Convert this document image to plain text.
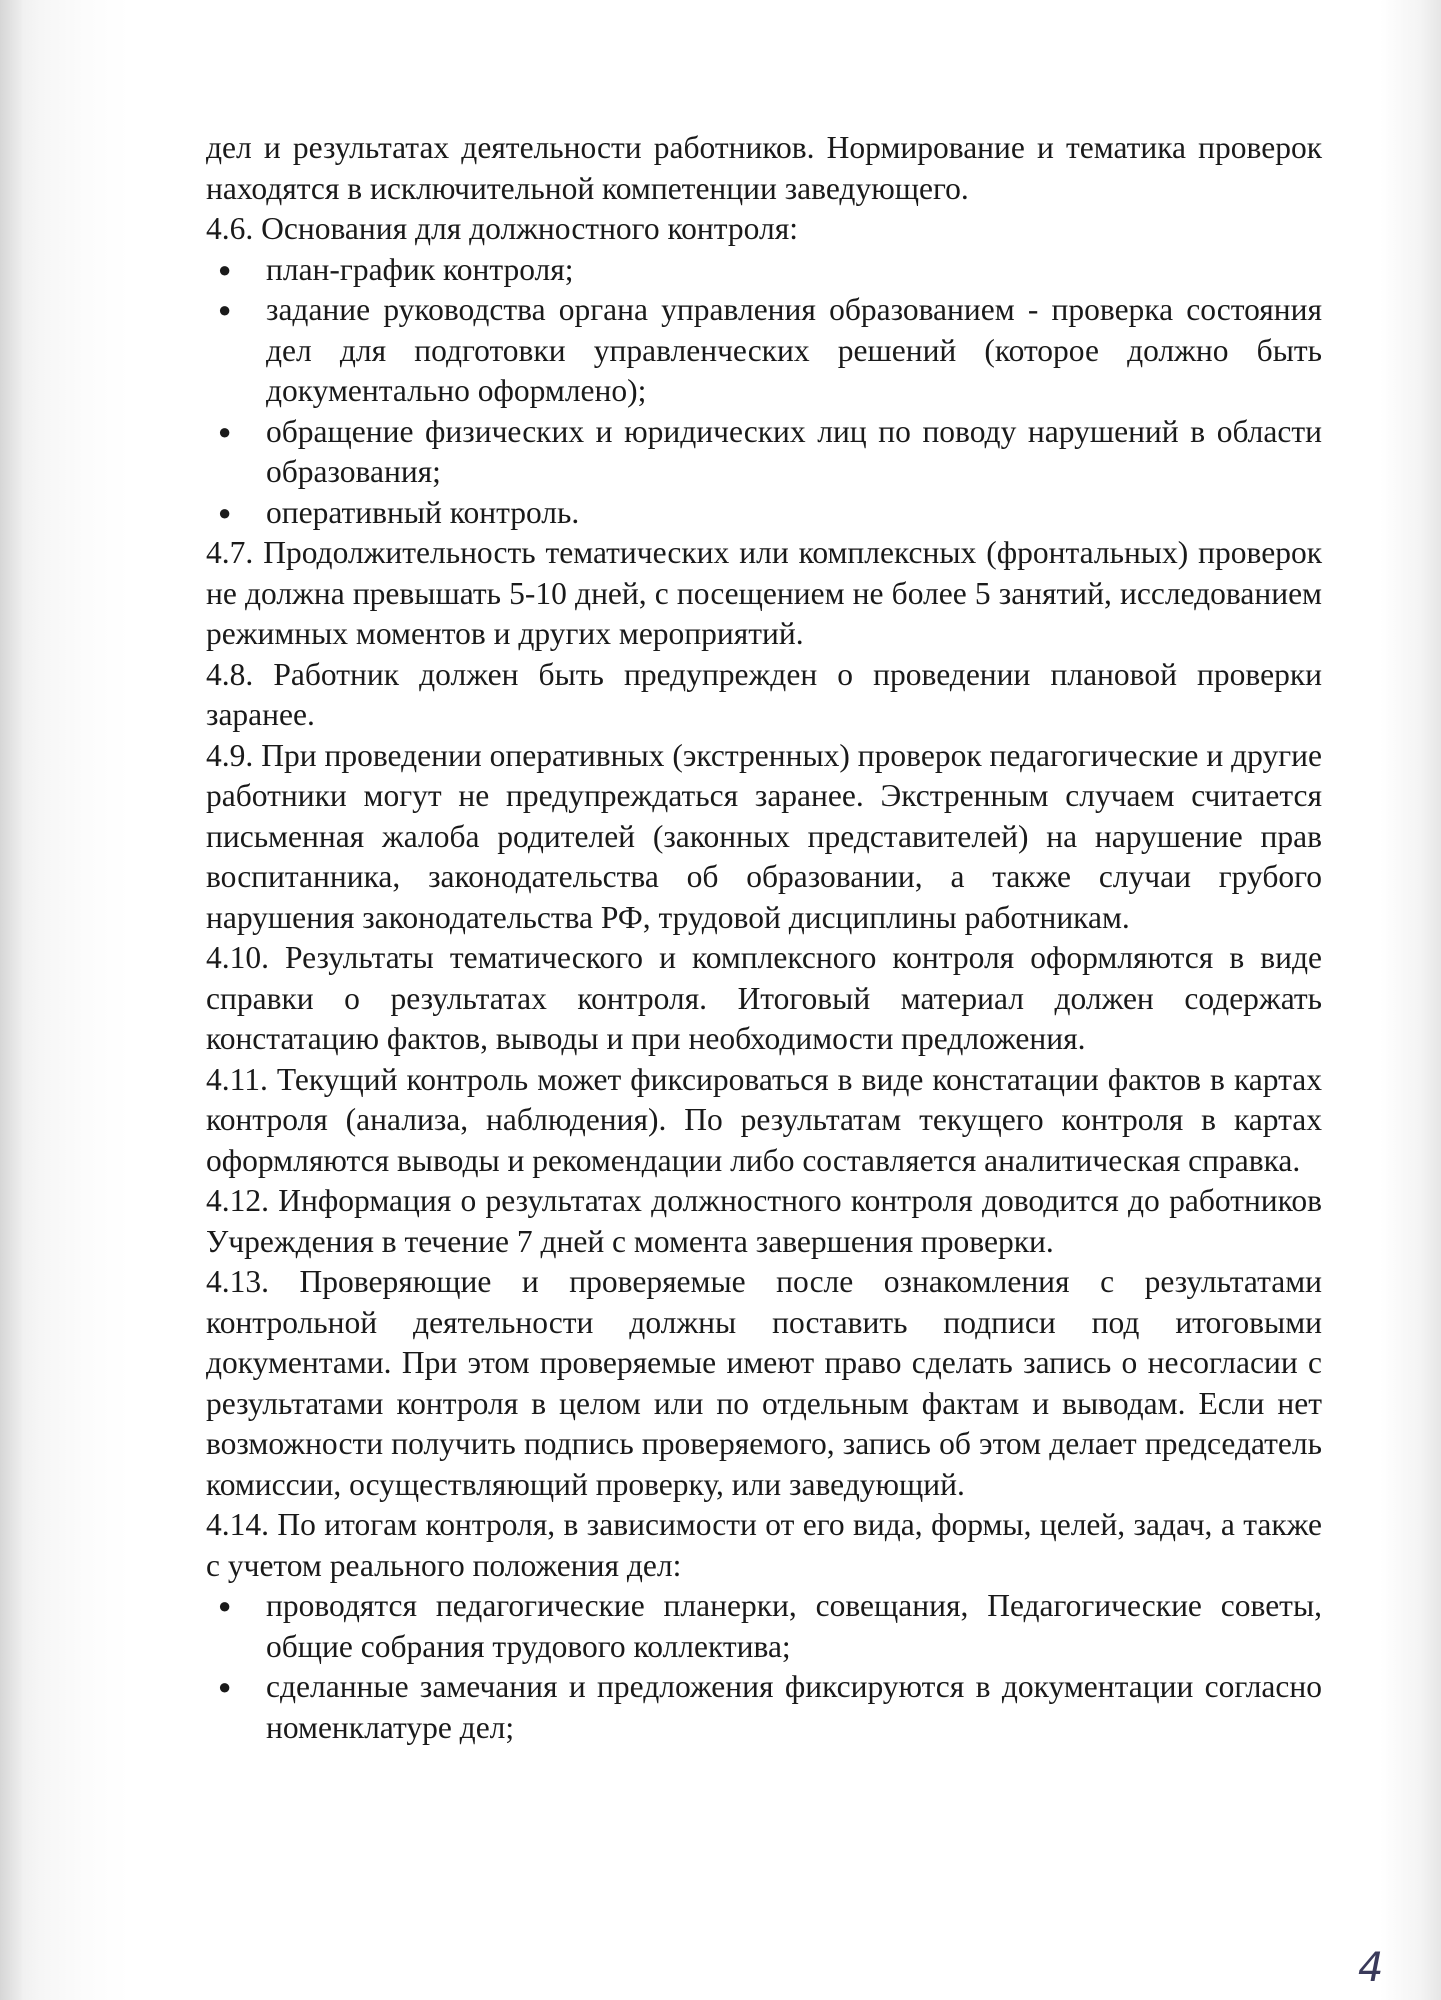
дел и результатах деятельности работников. Нормирование и тематика проверок находятся в исключительной компетенции заведующего.

4.6. Основания для должностного контроля:

● план-график контроля;
● задание руководства органа управления образованием - проверка состояния дел для подготовки управленческих решений (которое должно быть документально оформлено);
● обращение физических и юридических лиц по поводу нарушений в области образования;
● оперативный контроль.

4.7. Продолжительность тематических или комплексных (фронтальных) проверок не должна превышать 5-10 дней, с посещением не более 5 занятий, исследованием режимных моментов и других мероприятий.

4.8. Работник должен быть предупрежден о проведении плановой проверки заранее.

4.9. При проведении оперативных (экстренных) проверок педагогические и другие работники могут не предупреждаться заранее. Экстренным случаем считается письменная жалоба родителей (законных представителей) на нарушение прав воспитанника, законодательства об образовании, а также случаи грубого нарушения законодательства РФ, трудовой дисциплины работникам.

4.10. Результаты тематического и комплексного контроля оформляются в виде справки о результатах контроля. Итоговый материал должен содержать констатацию фактов, выводы и при необходимости предложения.

4.11. Текущий контроль может фиксироваться в виде констатации фактов в картах контроля (анализа, наблюдения). По результатам текущего контроля в картах оформляются выводы и рекомендации либо составляется аналитическая справка.

4.12. Информация о результатах должностного контроля доводится до работников Учреждения в течение 7 дней с момента завершения проверки.

4.13. Проверяющие и проверяемые после ознакомления с результатами контрольной деятельности должны поставить подписи под итоговыми документами. При этом проверяемые имеют право сделать запись о несогласии с результатами контроля в целом или по отдельным фактам и выводам. Если нет возможности получить подпись проверяемого, запись об этом делает председатель комиссии, осуществляющий проверку, или заведующий.

4.14. По итогам контроля, в зависимости от его вида, формы, целей, задач, а также с учетом реального положения дел:

● проводятся педагогические планерки, совещания, Педагогические советы, общие собрания трудового коллектива;
● сделанные замечания и предложения фиксируются в документации согласно номенклатуре дел;
4
